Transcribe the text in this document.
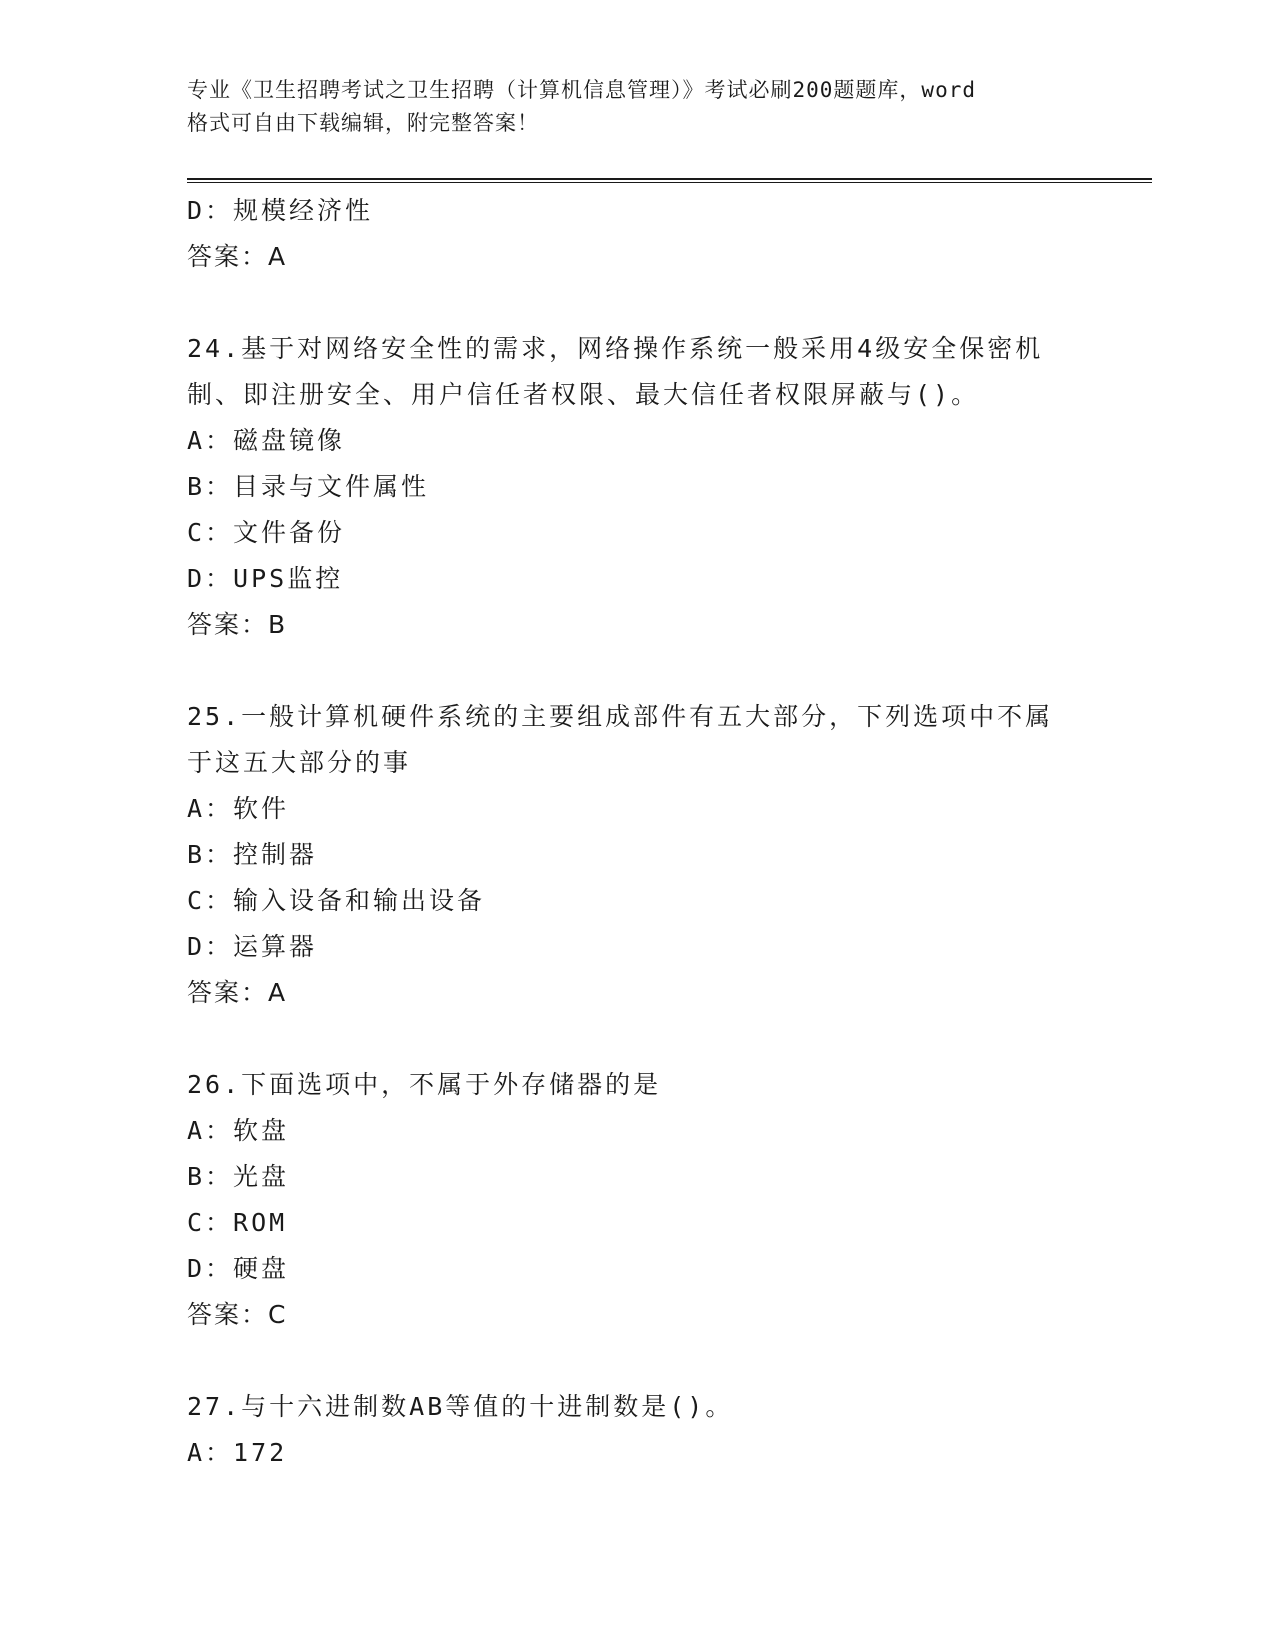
专业《卫生招聘考试之卫生招聘（计算机信息管理）》考试必刷200题题库，word
格式可自由下载编辑，附完整答案！
D：规模经济性
答案：A
24.基于对网络安全性的需求，网络操作系统一般采用4级安全保密机
制、即注册安全、用户信任者权限、最大信任者权限屏蔽与()。
A：磁盘镜像
B：目录与文件属性
C：文件备份
D：UPS监控
答案：B
25.一般计算机硬件系统的主要组成部件有五大部分，下列选项中不属
于这五大部分的事
A：软件
B：控制器
C：输入设备和输出设备
D：运算器
答案：A
26.下面选项中，不属于外存储器的是
A：软盘
B：光盘
C：ROM
D：硬盘
答案：C
27.与十六进制数AB等值的十进制数是()。
A：172
